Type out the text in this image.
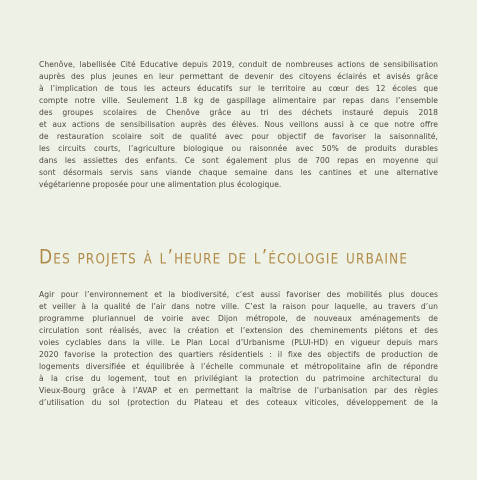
Chenôve, labellisée Cité Educative depuis 2019, conduit de nombreuses actions de sensibilisation
auprès des plus jeunes en leur permettant de devenir des citoyens éclairés et avisés grâce
à l’implication de tous les acteurs éducatifs sur le territoire au cœur des 12 écoles que
compte notre ville. Seulement 1.8 kg de gaspillage alimentaire par repas dans l’ensemble
des groupes scolaires de Chenôve grâce au tri des déchets instauré depuis 2018
et aux actions de sensibilisation auprès des élèves. Nous veillons aussi à ce que notre offre
de restauration scolaire soit de qualité avec pour objectif de favoriser la saisonnalité,
les circuits courts, l’agriculture biologique ou raisonnée avec 50% de produits durables
dans les assiettes des enfants. Ce sont également plus de 700 repas en moyenne qui
sont désormais servis sans viande chaque semaine dans les cantines et une alternative
végétarienne proposée pour une alimentation plus écologique.
Des projets à l’heure de l’écologie urbaine
Agir pour l’environnement et la biodiversité, c’est aussi favoriser des mobilités plus douces
et veiller à la qualité de l’air dans notre ville. C’est la raison pour laquelle, au travers d’un
programme pluriannuel de voirie avec Dijon métropole, de nouveaux aménagements de
circulation sont réalisés, avec la création et l’extension des cheminements piétons et des
voies cyclables dans la ville. Le Plan Local d’Urbanisme (PLUI-HD) en vigueur depuis mars
2020 favorise la protection des quartiers résidentiels : il fixe des objectifs de production de
logements diversifiée et équilibrée à l’échelle communale et métropolitaine afin de répondre
à la crise du logement, tout en privilégiant la protection du patrimoine architectural du
Vieux-Bourg grâce à l’AVAP et en permettant la maîtrise de l’urbanisation par des règles
d’utilisation du sol (protection du Plateau et des coteaux viticoles, développement de la
